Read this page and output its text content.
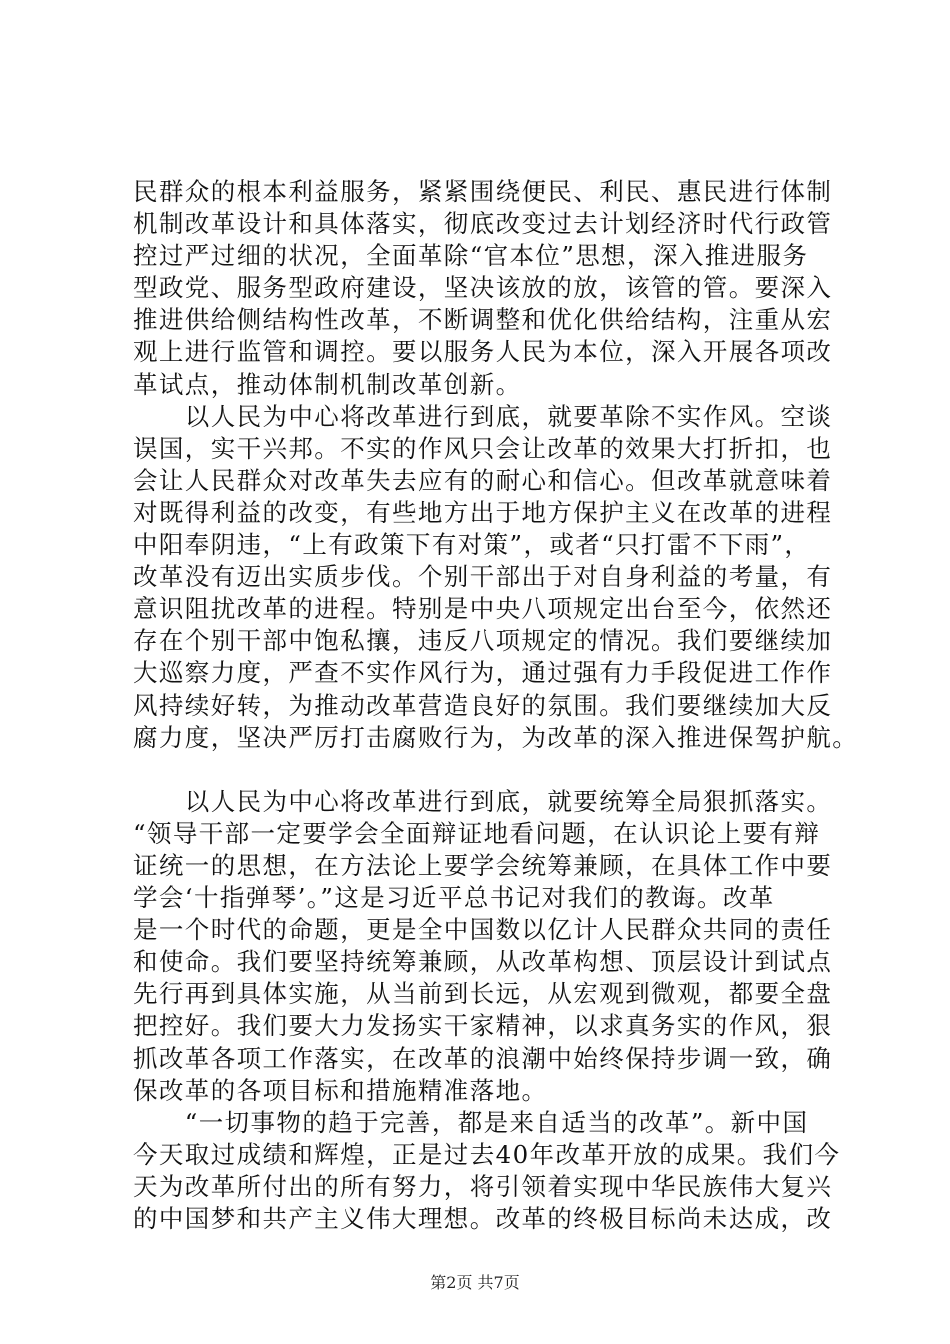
民群众的根本利益服务，紧紧围绕便民、利民、惠民进行体制
机制改革设计和具体落实，彻底改变过去计划经济时代行政管
控过严过细的状况，全面革除“官本位”思想，深入推进服务
型政党、服务型政府建设，坚决该放的放，该管的管。要深入
推进供给侧结构性改革，不断调整和优化供给结构，注重从宏
观上进行监管和调控。要以服务人民为本位，深入开展各项改
革试点，推动体制机制改革创新。
　　以人民为中心将改革进行到底，就要革除不实作风。空谈
误国，实干兴邦。不实的作风只会让改革的效果大打折扣，也
会让人民群众对改革失去应有的耐心和信心。但改革就意味着
对既得利益的改变，有些地方出于地方保护主义在改革的进程
中阳奉阴违，“上有政策下有对策”，或者“只打雷不下雨”，
改革没有迈出实质步伐。个别干部出于对自身利益的考量，有
意识阻扰改革的进程。特别是中央八项规定出台至今，依然还
存在个别干部中饱私攘，违反八项规定的情况。我们要继续加
大巡察力度，严查不实作风行为，通过强有力手段促进工作作
风持续好转，为推动改革营造良好的氛围。我们要继续加大反
腐力度，坚决严厉打击腐败行为，为改革的深入推进保驾护航。
　　以人民为中心将改革进行到底，就要统筹全局狠抓落实。
“领导干部一定要学会全面辩证地看问题，在认识论上要有辩
证统一的思想，在方法论上要学会统筹兼顾，在具体工作中要
学会‘十指弹琴’。”这是习近平总书记对我们的教诲。改革
是一个时代的命题，更是全中国数以亿计人民群众共同的责任
和使命。我们要坚持统筹兼顾，从改革构想、顶层设计到试点
先行再到具体实施，从当前到长远，从宏观到微观，都要全盘
把控好。我们要大力发扬实干家精神，以求真务实的作风，狠
抓改革各项工作落实，在改革的浪潮中始终保持步调一致，确
保改革的各项目标和措施精准落地。
　　“一切事物的趋于完善，都是来自适当的改革”。新中国
今天取过成绩和辉煌，正是过去40年改革开放的成果。我们今
天为改革所付出的所有努力，将引领着实现中华民族伟大复兴
的中国梦和共产主义伟大理想。改革的终极目标尚未达成，改
第2页 共7页
